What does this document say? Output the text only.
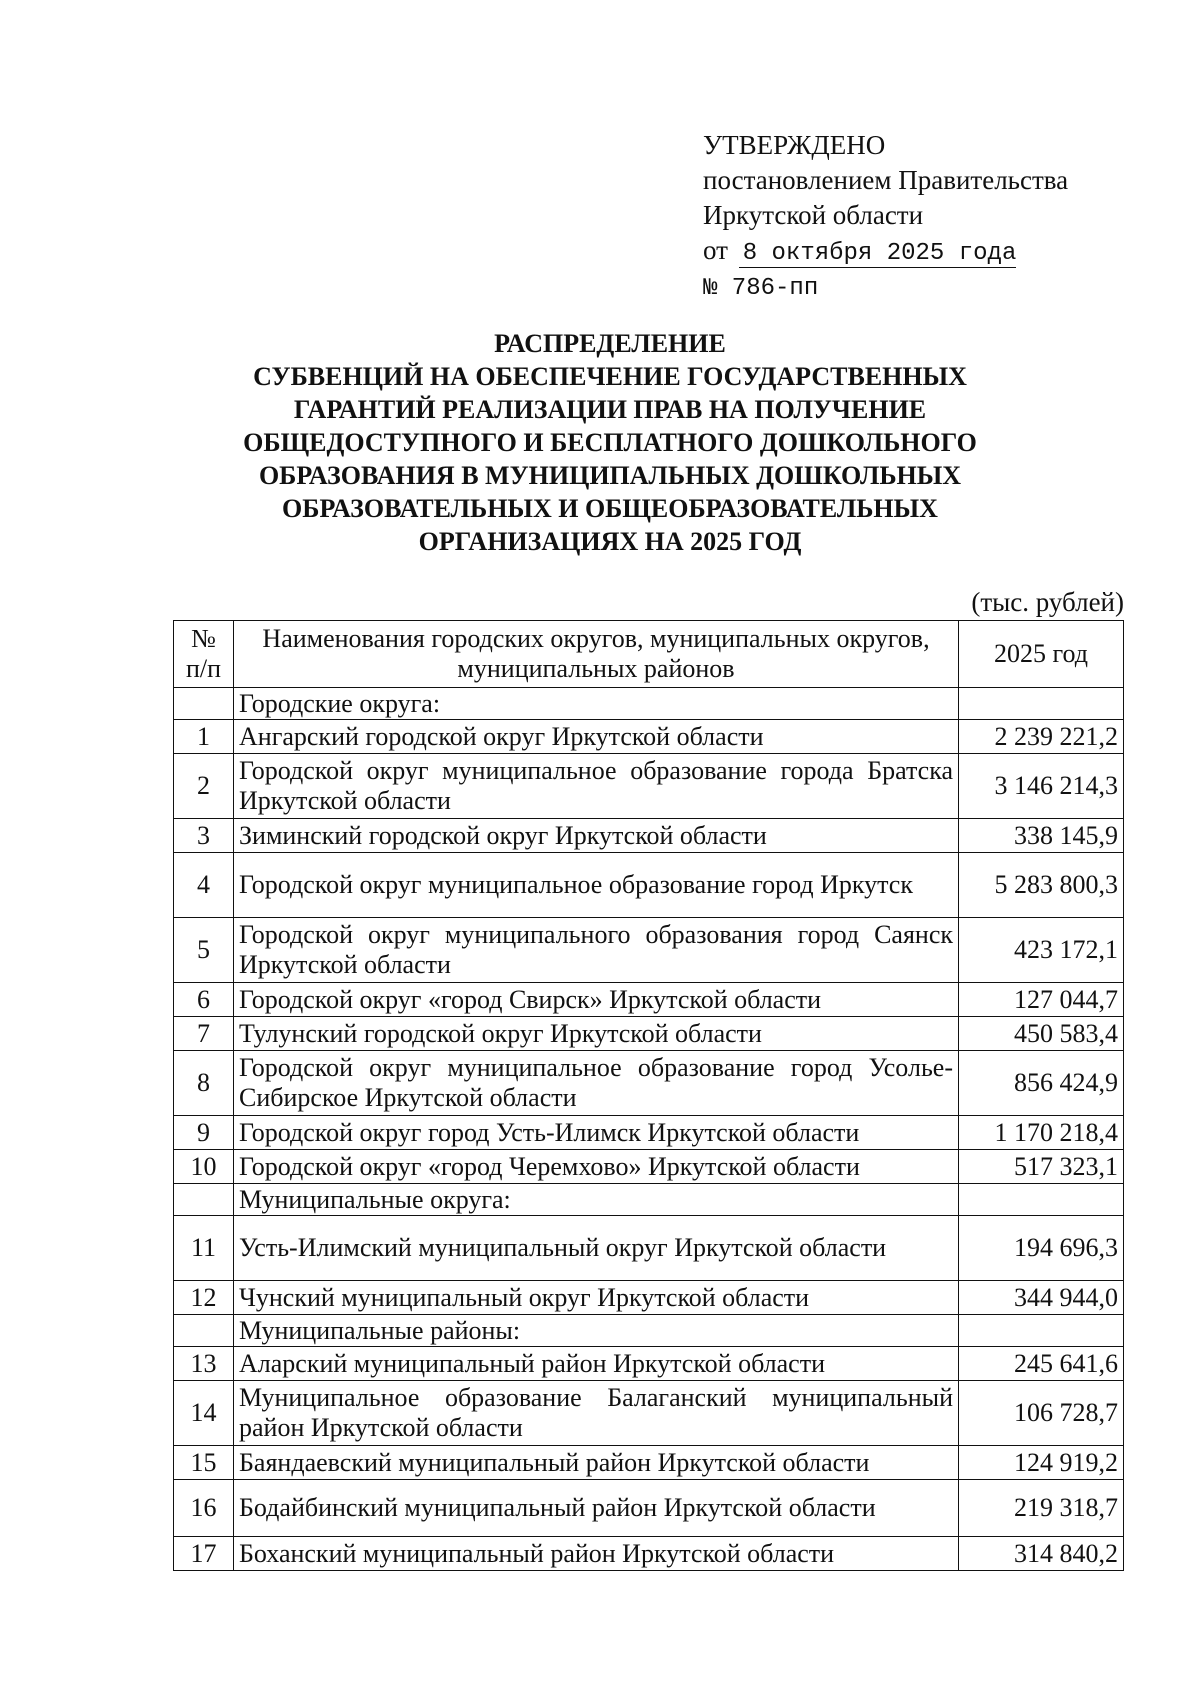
УТВЕРЖДЕНО
постановлением Правительства
Иркутской области
от 8 октября 2025 года
№ 786-пп
РАСПРЕДЕЛЕНИЕ
СУБВЕНЦИЙ НА ОБЕСПЕЧЕНИЕ ГОСУДАРСТВЕННЫХ
ГАРАНТИЙ РЕАЛИЗАЦИИ ПРАВ НА ПОЛУЧЕНИЕ
ОБЩЕДОСТУПНОГО И БЕСПЛАТНОГО ДОШКОЛЬНОГО
ОБРАЗОВАНИЯ В МУНИЦИПАЛЬНЫХ ДОШКОЛЬНЫХ
ОБРАЗОВАТЕЛЬНЫХ И ОБЩЕОБРАЗОВАТЕЛЬНЫХ
ОРГАНИЗАЦИЯХ НА 2025 ГОД
(тыс. рублей)
№ п/п	Наименования городских округов, муниципальных округов, муниципальных районов	2025 год
	Городские округа:	
1	Ангарский городской округ Иркутской области	2 239 221,2
2	Городской округ муниципальное образование города Братска Иркутской области	3 146 214,3
3	Зиминский городской округ Иркутской области	338 145,9
4	Городской округ муниципальное образование город Иркутск	5 283 800,3
5	Городской округ муниципального образования город Саянск Иркутской области	423 172,1
6	Городской округ «город Свирск» Иркутской области	127 044,7
7	Тулунский городской округ Иркутской области	450 583,4
8	Городской округ муниципальное образование город Усолье-Сибирское Иркутской области	856 424,9
9	Городской округ город Усть-Илимск Иркутской области	1 170 218,4
10	Городской округ «город Черемхово» Иркутской области	517 323,1
	Муниципальные округа:	
11	Усть-Илимский муниципальный округ Иркутской области	194 696,3
12	Чунский муниципальный округ Иркутской области	344 944,0
	Муниципальные районы:	
13	Аларский муниципальный район Иркутской области	245 641,6
14	Муниципальное образование Балаганский муниципальный район Иркутской области	106 728,7
15	Баяндаевский муниципальный район Иркутской области	124 919,2
16	Бодайбинский муниципальный район Иркутской области	219 318,7
17	Боханский муниципальный район Иркутской области	314 840,2
